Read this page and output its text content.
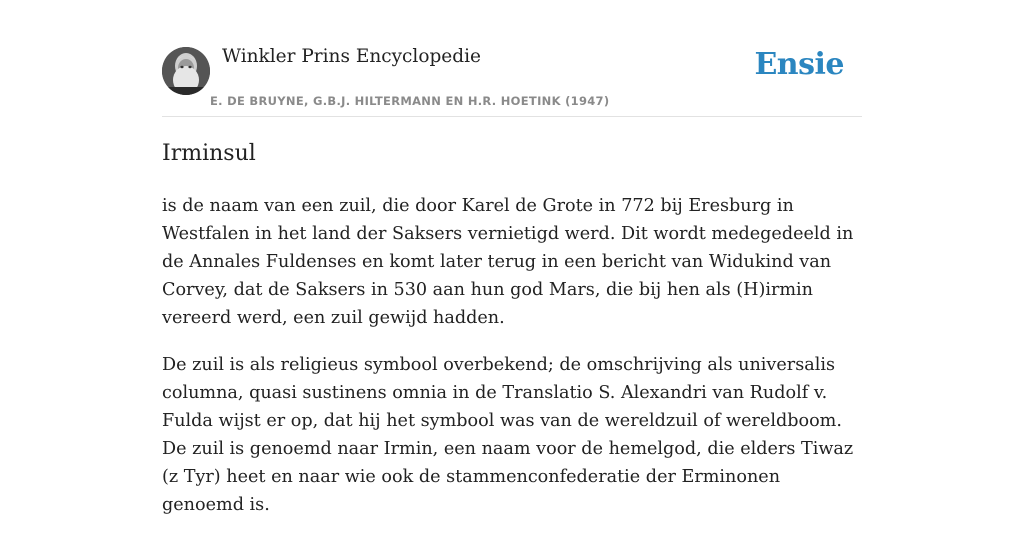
Winkler Prins Encyclopedie
E. DE BRUYNE, G.B.J. HILTERMANN EN H.R. HOETINK (1947)
Ensie
Irminsul

is de naam van een zuil, die door Karel de Grote in 772 bij Eresburg in Westfalen in het land der Saksers vernietigd werd. Dit wordt medegedeeld in de Annales Fuldenses en komt later terug in een bericht van Widukind van Corvey, dat de Saksers in 530 aan hun god Mars, die bij hen als (H)irmin vereerd werd, een zuil gewijd hadden.

De zuil is als religieus symbool overbekend; de omschrijving als universalis columna, quasi sustinens omnia in de Translatio S. Alexandri van Rudolf v. Fulda wijst er op, dat hij het symbool was van de wereldzuil of wereldboom. De zuil is genoemd naar Irmin, een naam voor de hemelgod, die elders Tiwaz (z Tyr) heet en naar wie ook de stammenconfederatie der Erminonen genoemd is.
